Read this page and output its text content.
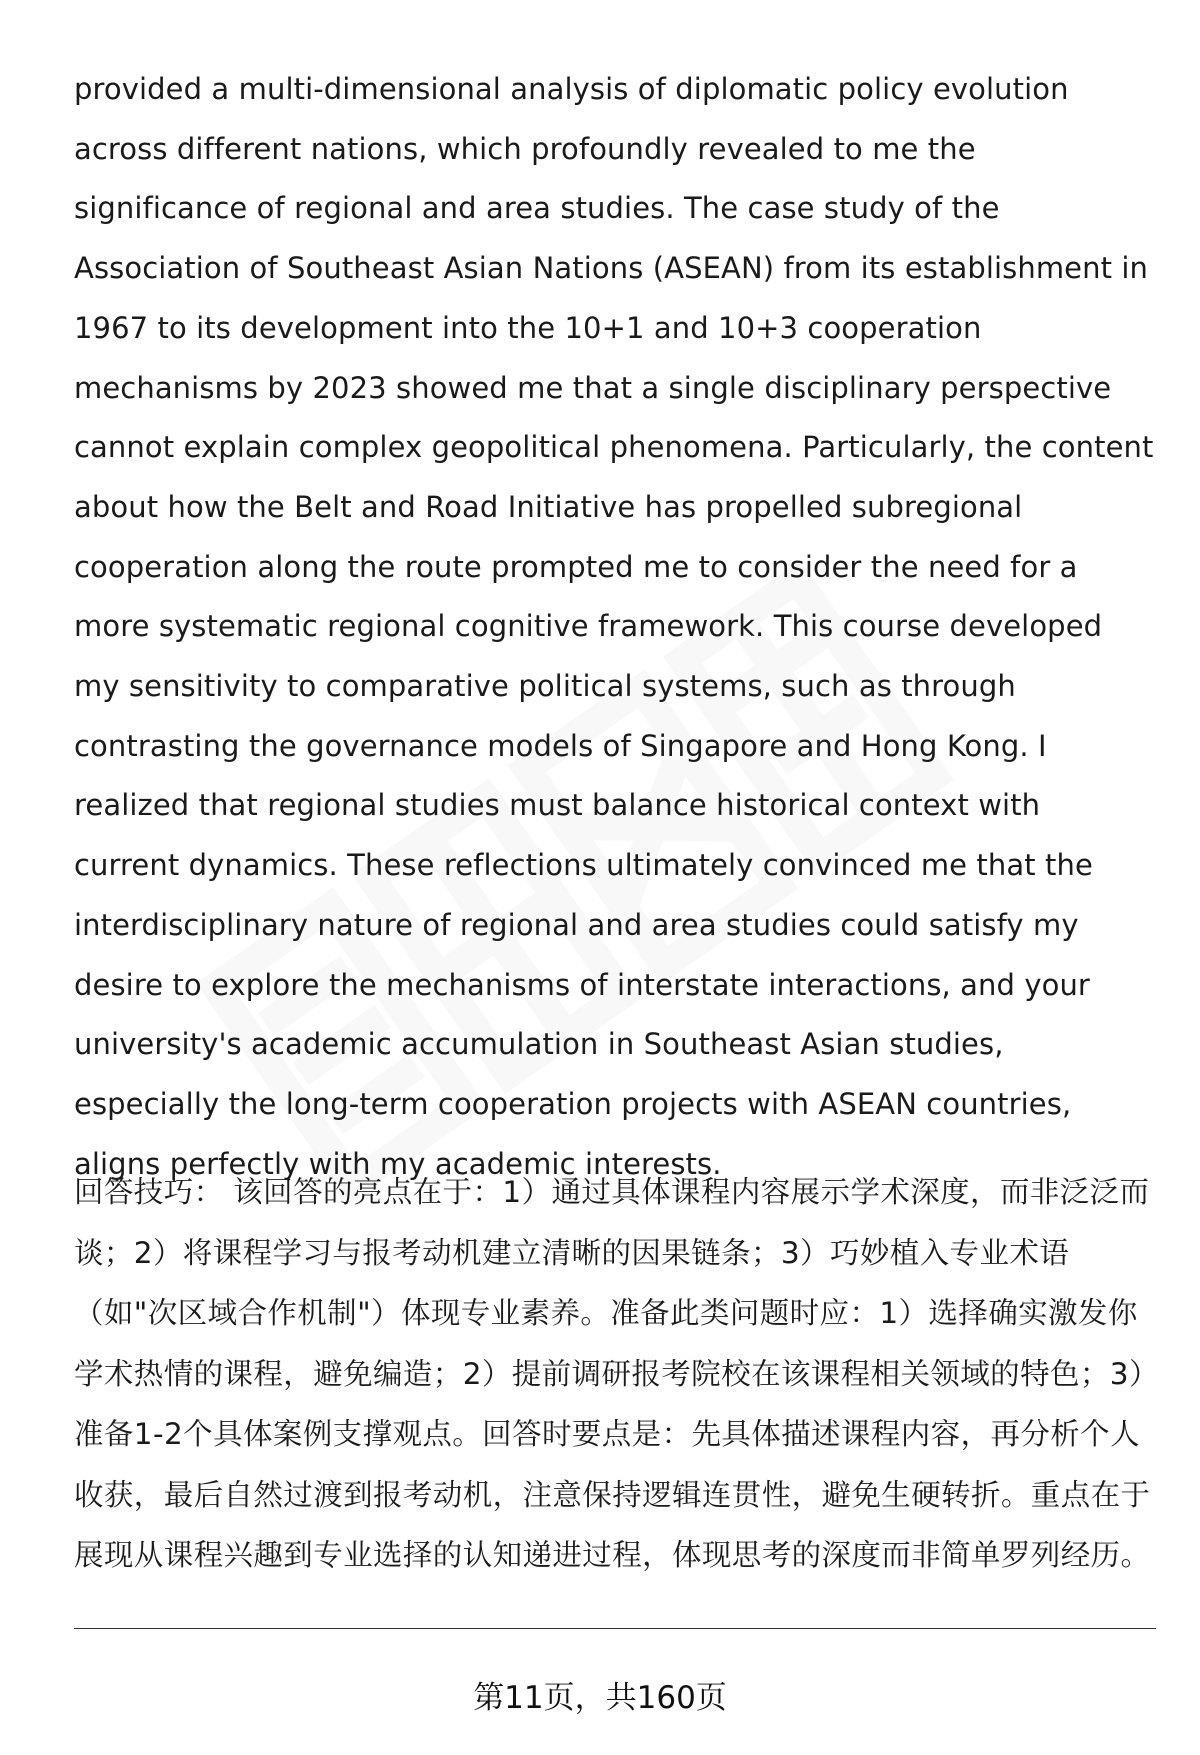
provided a multi-dimensional analysis of diplomatic policy evolution across different nations, which profoundly revealed to me the significance of regional and area studies. The case study of the Association of Southeast Asian Nations (ASEAN) from its establishment in 1967 to its development into the 10+1 and 10+3 cooperation mechanisms by 2023 showed me that a single disciplinary perspective cannot explain complex geopolitical phenomena. Particularly, the content about how the Belt and Road Initiative has propelled subregional cooperation along the route prompted me to consider the need for a more systematic regional cognitive framework. This course developed my sensitivity to comparative political systems, such as through contrasting the governance models of Singapore and Hong Kong. I realized that regional studies must balance historical context with current dynamics. These reflections ultimately convinced me that the interdisciplinary nature of regional and area studies could satisfy my desire to explore the mechanisms of interstate interactions, and your university's academic accumulation in Southeast Asian studies, especially the long-term cooperation projects with ASEAN countries, aligns perfectly with my academic interests.

回答技巧： 该回答的亮点在于：1）通过具体课程内容展示学术深度，而非泛泛而谈；2）将课程学习与报考动机建立清晰的因果链条；3）巧妙植入专业术语（如"次区域合作机制"）体现专业素养。准备此类问题时应：1）选择确实激发你学术热情的课程，避免编造；2）提前调研报考院校在该课程相关领域的特色；3）准备1-2个具体案例支撑观点。回答时要点是：先具体描述课程内容，再分析个人收获，最后自然过渡到报考动机，注意保持逻辑连贯性，避免生硬转折。重点在于展现从课程兴趣到专业选择的认知递进过程，体现思考的深度而非简单罗列经历。

第11页，共160页
